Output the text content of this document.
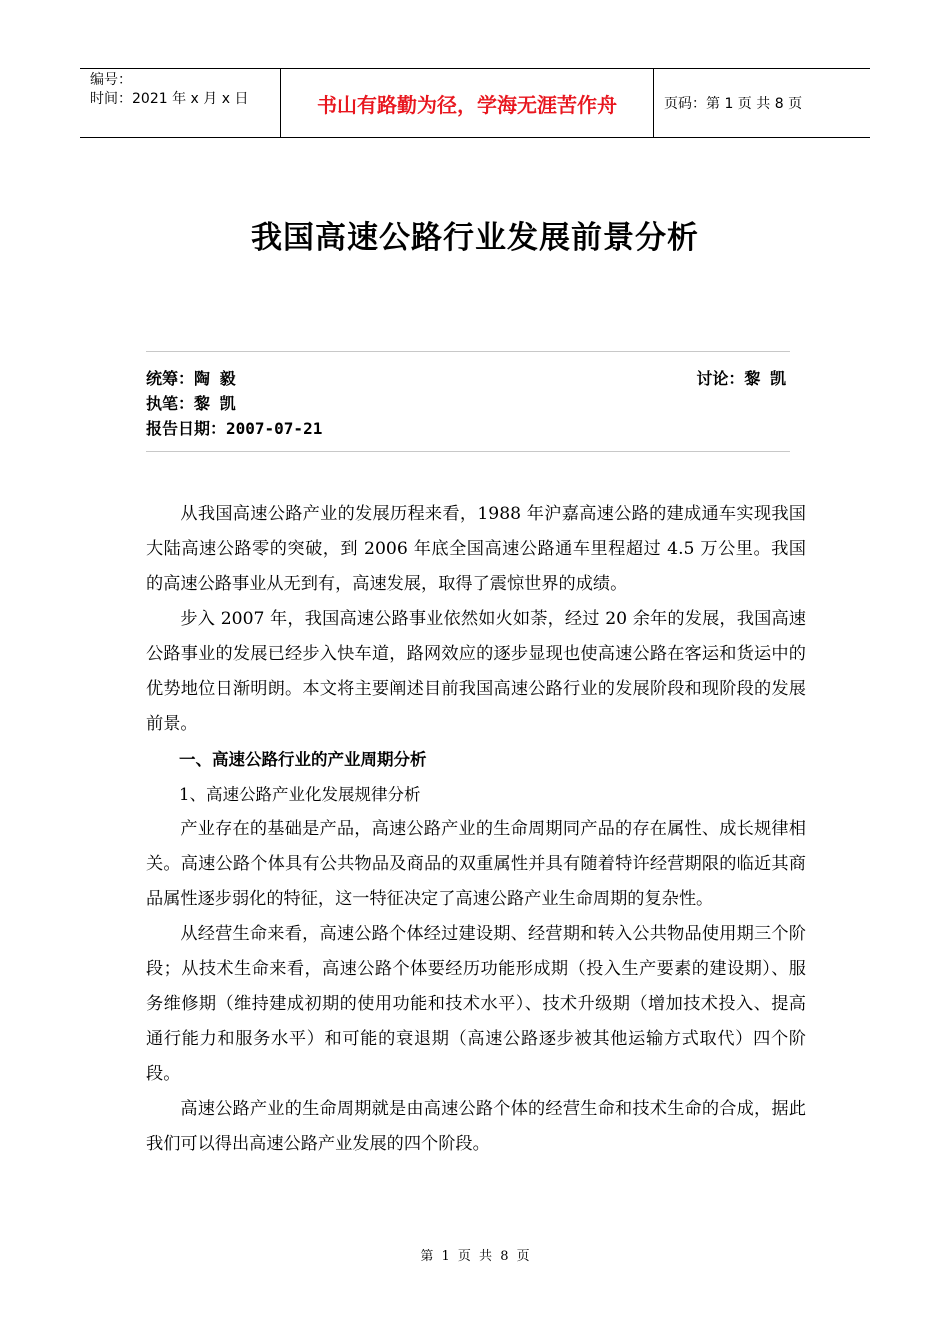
编号：
时间：2021 年 x 月 x 日	书山有路勤为径，学海无涯苦作舟	页码：第 1 页 共 8 页
我国高速公路行业发展前景分析
统筹：陶 毅	讨论：黎 凯
执笔：黎 凯
报告日期：2007-07-21

从我国高速公路产业的发展历程来看，1988 年沪嘉高速公路的建成通车实现我国大陆高速公路零的突破，到 2006 年底全国高速公路通车里程超过 4.5 万公里。我国的高速公路事业从无到有，高速发展，取得了震惊世界的成绩。

步入 2007 年，我国高速公路事业依然如火如荼，经过 20 余年的发展，我国高速公路事业的发展已经步入快车道，路网效应的逐步显现也使高速公路在客运和货运中的优势地位日渐明朗。本文将主要阐述目前我国高速公路行业的发展阶段和现阶段的发展前景。

一、高速公路行业的产业周期分析

1、高速公路产业化发展规律分析

产业存在的基础是产品，高速公路产业的生命周期同产品的存在属性、成长规律相关。高速公路个体具有公共物品及商品的双重属性并具有随着特许经营期限的临近其商品属性逐步弱化的特征，这一特征决定了高速公路产业生命周期的复杂性。

从经营生命来看，高速公路个体经过建设期、经营期和转入公共物品使用期三个阶段；从技术生命来看，高速公路个体要经历功能形成期（投入生产要素的建设期）、服务维修期（维持建成初期的使用功能和技术水平）、技术升级期（增加技术投入、提高通行能力和服务水平）和可能的衰退期（高速公路逐步被其他运输方式取代）四个阶段。

高速公路产业的生命周期就是由高速公路个体的经营生命和技术生命的合成，据此我们可以得出高速公路产业发展的四个阶段。

第 1 页 共 8 页
